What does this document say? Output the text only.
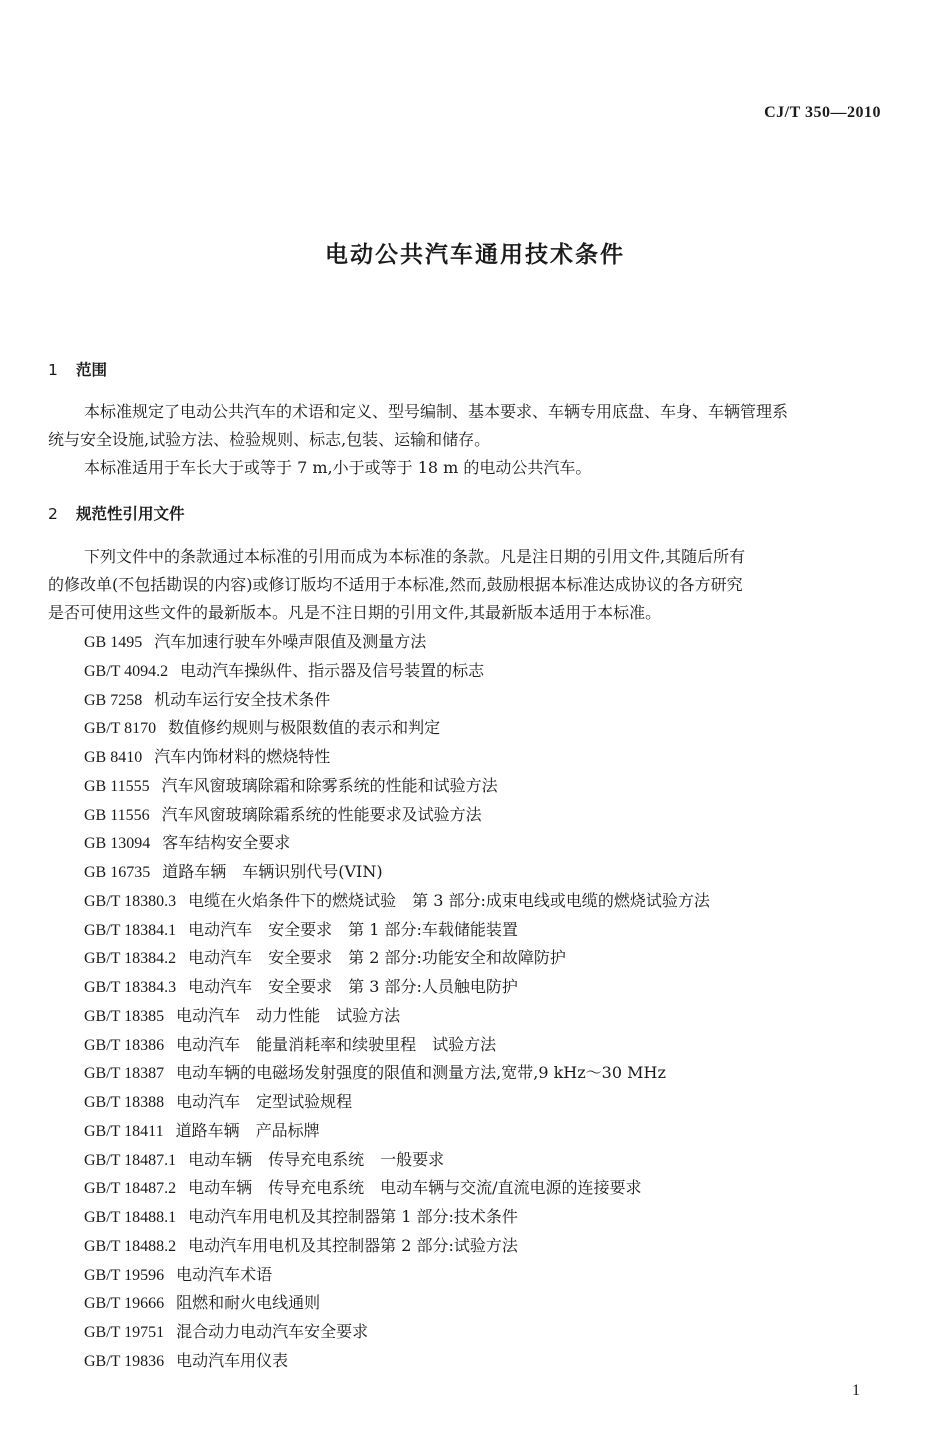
CJ/T 350—2010
电动公共汽车通用技术条件
1 范围
本标准规定了电动公共汽车的术语和定义、型号编制、基本要求、车辆专用底盘、车身、车辆管理系
统与安全设施,试验方法、检验规则、标志,包装、运输和储存。
本标准适用于车长大于或等于 7 m,小于或等于 18 m 的电动公共汽车。
2 规范性引用文件
下列文件中的条款通过本标准的引用而成为本标准的条款。凡是注日期的引用文件,其随后所有
的修改单(不包括勘误的内容)或修订版均不适用于本标准,然而,鼓励根据本标准达成协议的各方研究
是否可使用这些文件的最新版本。凡是不注日期的引用文件,其最新版本适用于本标准。
GB 1495 汽车加速行驶车外噪声限值及测量方法
GB/T 4094.2 电动汽车操纵件、指示器及信号装置的标志
GB 7258 机动车运行安全技术条件
GB/T 8170 数值修约规则与极限数值的表示和判定
GB 8410 汽车内饰材料的燃烧特性
GB 11555 汽车风窗玻璃除霜和除雾系统的性能和试验方法
GB 11556 汽车风窗玻璃除霜系统的性能要求及试验方法
GB 13094 客车结构安全要求
GB 16735 道路车辆　车辆识别代号(VIN)
GB/T 18380.3 电缆在火焰条件下的燃烧试验　第 3 部分:成束电线或电缆的燃烧试验方法
GB/T 18384.1 电动汽车　安全要求　第 1 部分:车载储能装置
GB/T 18384.2 电动汽车　安全要求　第 2 部分:功能安全和故障防护
GB/T 18384.3 电动汽车　安全要求　第 3 部分:人员触电防护
GB/T 18385 电动汽车　动力性能　试验方法
GB/T 18386 电动汽车　能量消耗率和续驶里程　试验方法
GB/T 18387 电动车辆的电磁场发射强度的限值和测量方法,宽带,9 kHz～30 MHz
GB/T 18388 电动汽车　定型试验规程
GB/T 18411 道路车辆　产品标牌
GB/T 18487.1 电动车辆　传导充电系统　一般要求
GB/T 18487.2 电动车辆　传导充电系统　电动车辆与交流/直流电源的连接要求
GB/T 18488.1 电动汽车用电机及其控制器第 1 部分:技术条件
GB/T 18488.2 电动汽车用电机及其控制器第 2 部分:试验方法
GB/T 19596 电动汽车术语
GB/T 19666 阻燃和耐火电线通则
GB/T 19751 混合动力电动汽车安全要求
GB/T 19836 电动汽车用仪表
1
